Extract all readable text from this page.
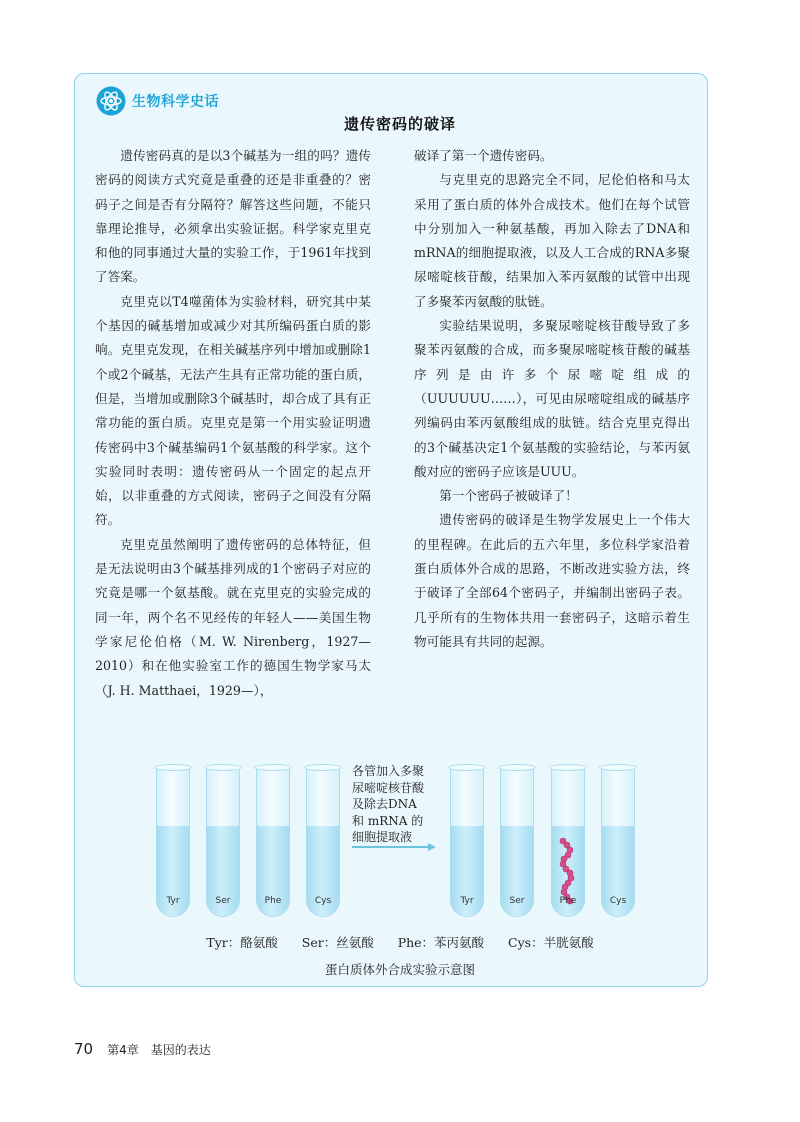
生物科学史话
遗传密码的破译

遗传密码真的是以3个碱基为一组的吗？遗传密码的阅读方式究竟是重叠的还是非重叠的？密码子之间是否有分隔符？解答这些问题，不能只靠理论推导，必须拿出实验证据。科学家克里克和他的同事通过大量的实验工作，于1961年找到了答案。

克里克以T4噬菌体为实验材料，研究其中某个基因的碱基增加或减少对其所编码蛋白质的影响。克里克发现，在相关碱基序列中增加或删除1个或2个碱基，无法产生具有正常功能的蛋白质，但是，当增加或删除3个碱基时，却合成了具有正常功能的蛋白质。克里克是第一个用实验证明遗传密码中3个碱基编码1个氨基酸的科学家。这个实验同时表明：遗传密码从一个固定的起点开始，以非重叠的方式阅读，密码子之间没有分隔符。

克里克虽然阐明了遗传密码的总体特征，但是无法说明由3个碱基排列成的1个密码子对应的究竟是哪一个氨基酸。就在克里克的实验完成的同一年，两个名不见经传的年轻人——美国生物学家尼伦伯格（M. W. Nirenberg，1927—2010）和在他实验室工作的德国生物学家马太（J. H. Matthaei，1929—），

破译了第一个遗传密码。

与克里克的思路完全不同，尼伦伯格和马太采用了蛋白质的体外合成技术。他们在每个试管中分别加入一种氨基酸，再加入除去了DNA和mRNA的细胞提取液，以及人工合成的RNA多聚尿嘧啶核苷酸，结果加入苯丙氨酸的试管中出现了多聚苯丙氨酸的肽链。

实验结果说明，多聚尿嘧啶核苷酸导致了多聚苯丙氨酸的合成，而多聚尿嘧啶核苷酸的碱基序列是由许多个尿嘧啶组成的（UUUUUU……），可见由尿嘧啶组成的碱基序列编码由苯丙氨酸组成的肽链。结合克里克得出的3个碱基决定1个氨基酸的实验结论，与苯丙氨酸对应的密码子应该是UUU。

第一个密码子被破译了！

遗传密码的破译是生物学发展史上一个伟大的里程碑。在此后的五六年里，多位科学家沿着蛋白质体外合成的思路，不断改进实验方法，终于破译了全部64个密码子，并编制出密码子表。几乎所有的生物体共用一套密码子，这暗示着生物可能具有共同的起源。

Tyr	Ser	Phe	Cys
各管加入多聚
尿嘧啶核苷酸
及除去DNA
和 mRNA 的
细胞提取液
Tyr	Ser	Phe	Cys
Tyr：酪氨酸 Ser：丝氨酸 Phe：苯丙氨酸 Cys：半胱氨酸
蛋白质体外合成实验示意图
70 第4章 基因的表达
